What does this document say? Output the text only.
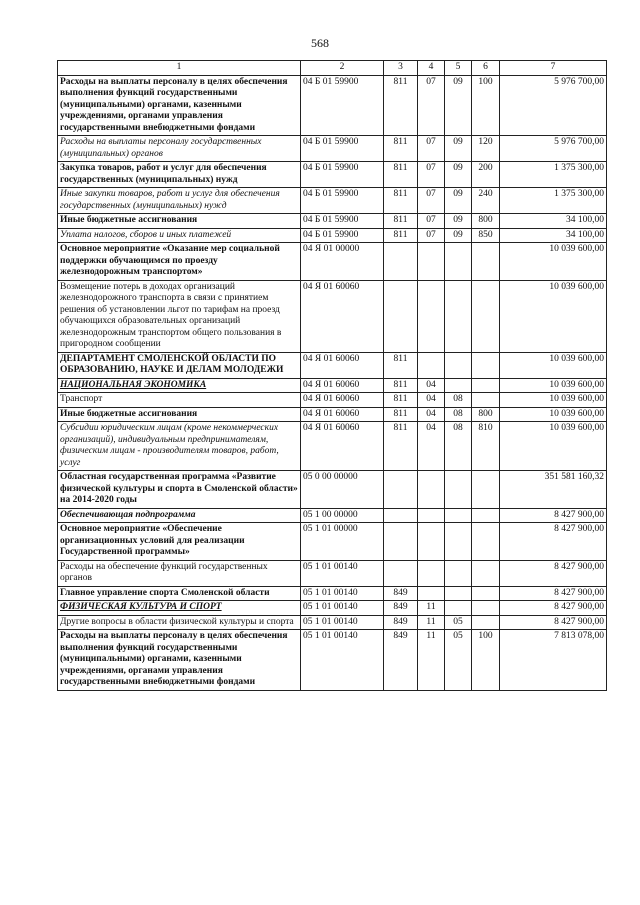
568
1	2	3	4	5	6	7
Расходы на выплаты персоналу в целях обеспечения выполнения функций государственными (муниципальными) органами, казенными учреждениями, органами управления государственными внебюджетными фондами	04 Б 01 59900	811	07	09	100	5 976 700,00
Расходы на выплаты персоналу государственных (муниципальных) органов	04 Б 01 59900	811	07	09	120	5 976 700,00
Закупка товаров, работ и услуг для обеспечения государственных (муниципальных) нужд	04 Б 01 59900	811	07	09	200	1 375 300,00
Иные закупки товаров, работ и услуг для обеспечения государственных (муниципальных) нужд	04 Б 01 59900	811	07	09	240	1 375 300,00
Иные бюджетные ассигнования	04 Б 01 59900	811	07	09	800	34 100,00
Уплата налогов, сборов и иных платежей	04 Б 01 59900	811	07	09	850	34 100,00
Основное мероприятие «Оказание мер социальной поддержки обучающимся по проезду железнодорожным транспортом»	04 Я 01 00000					10 039 600,00
Возмещение потерь в доходах организаций железнодорожного транспорта в связи с принятием решения об установлении льгот по тарифам на проезд обучающихся образовательных организаций железнодорожным транспортом общего пользования в пригородном сообщении	04 Я 01 60060					10 039 600,00
ДЕПАРТАМЕНТ СМОЛЕНСКОЙ ОБЛАСТИ ПО ОБРАЗОВАНИЮ, НАУКЕ И ДЕЛАМ МОЛОДЕЖИ	04 Я 01 60060	811				10 039 600,00
НАЦИОНАЛЬНАЯ ЭКОНОМИКА	04 Я 01 60060	811	04			10 039 600,00
Транспорт	04 Я 01 60060	811	04	08		10 039 600,00
Иные бюджетные ассигнования	04 Я 01 60060	811	04	08	800	10 039 600,00
Субсидии юридическим лицам (кроме некоммерческих организаций), индивидуальным предпринимателям, физическим лицам - производителям товаров, работ, услуг	04 Я 01 60060	811	04	08	810	10 039 600,00
Областная государственная программа «Развитие физической культуры и спорта в Смоленской области» на 2014-2020 годы	05 0 00 00000					351 581 160,32
Обеспечивающая подпрограмма	05 1 00 00000					8 427 900,00
Основное мероприятие «Обеспечение организационных условий для реализации Государственной программы»	05 1 01 00000					8 427 900,00
Расходы на обеспечение функций государственных органов	05 1 01 00140					8 427 900,00
Главное управление спорта Смоленской области	05 1 01 00140	849				8 427 900,00
ФИЗИЧЕСКАЯ КУЛЬТУРА И СПОРТ	05 1 01 00140	849	11			8 427 900,00
Другие вопросы в области физической культуры и спорта	05 1 01 00140	849	11	05		8 427 900,00
Расходы на выплаты персоналу в целях обеспечения выполнения функций государственными (муниципальными) органами, казенными учреждениями, органами управления государственными внебюджетными фондами	05 1 01 00140	849	11	05	100	7 813 078,00
